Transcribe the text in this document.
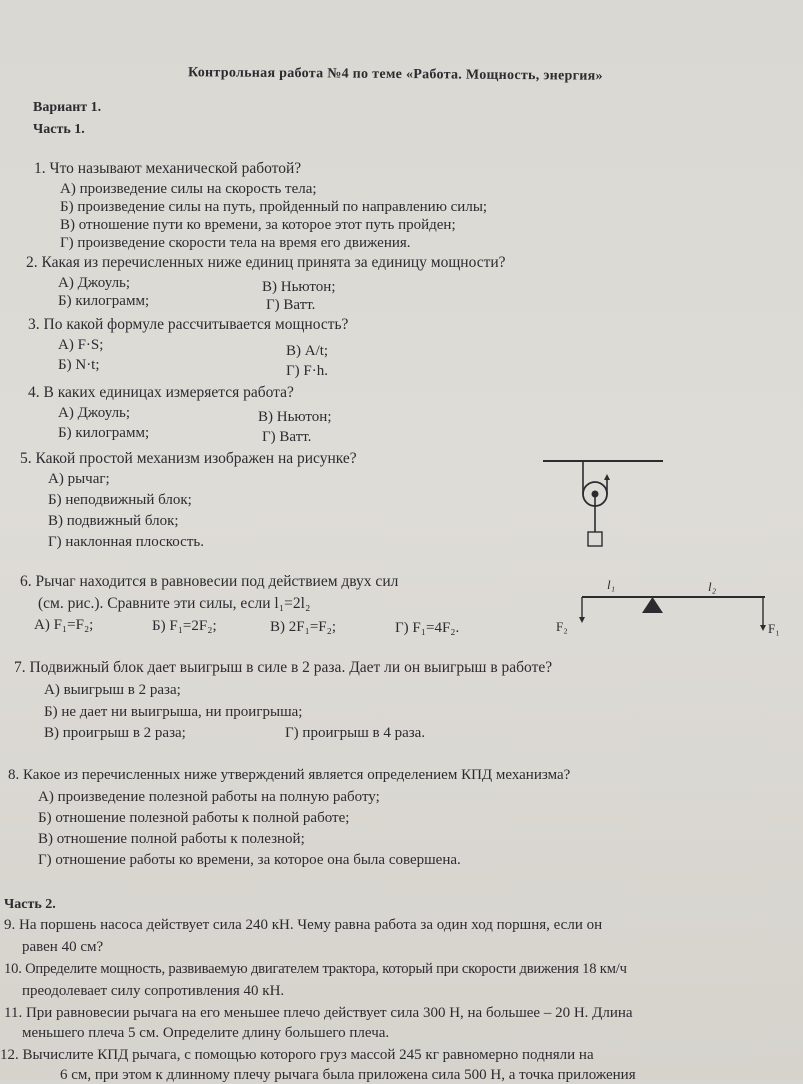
Контрольная работа №4 по теме «Работа. Мощность, энергия»
Вариант 1.
Часть 1.
1. Что называют механической работой?
А) произведение силы на скорость тела;
Б) произведение силы на путь, пройденный по направлению силы;
В) отношение пути ко времени, за которое этот путь пройден;
Г) произведение скорости тела на время его движения.
2. Какая из перечисленных ниже единиц принята за единицу мощности?
А) Джоуль;	В) Ньютон;
Б) килограмм;	Г) Ватт.
3. По какой формуле рассчитывается мощность?
А) F·S;	В) A/t;
Б) N·t;	Г) F·h.
4. В каких единицах измеряется работа?
А) Джоуль;	В) Ньютон;
Б) килограмм;	Г) Ватт.
5. Какой простой механизм изображен на рисунке?
А) рычаг;
Б) неподвижный блок;
В) подвижный блок;
Г) наклонная плоскость.
6. Рычаг находится в равновесии под действием двух сил
(см. рис.). Сравните эти силы, если l₁=2l₂
А) F₁=F₂;	Б) F₁=2F₂;	В) 2F₁=F₂;	Г) F₁=4F₂.
l₁	l₂
F₂	F₁
7. Подвижный блок дает выигрыш в силе в 2 раза. Дает ли он выигрыш в работе?
А) выигрыш в 2 раза;
Б) не дает ни выигрыша, ни проигрыша;
В) проигрыш в 2 раза;	Г) проигрыш в 4 раза.
8. Какое из перечисленных ниже утверждений является определением КПД механизма?
А) произведение полезной работы на полную работу;
Б) отношение полезной работы к полной работе;
В) отношение полной работы к полезной;
Г) отношение работы ко времени, за которое она была совершена.
Часть 2.
9. На поршень насоса действует сила 240 кН. Чему равна работа за один ход поршня, если он
равен 40 см?
10. Определите мощность, развиваемую двигателем трактора, который при скорости движения 18 км/ч
преодолевает силу сопротивления 40 кН.
11. При равновесии рычага на его меньшее плечо действует сила 300 Н, на большее – 20 Н. Длина
меньшего плеча 5 см. Определите длину большего плеча.
12. Вычислите КПД рычага, с помощью которого груз массой 245 кг равномерно подняли на
6 см, при этом к длинному плечу рычага была приложена сила 500 Н, а точка приложения
